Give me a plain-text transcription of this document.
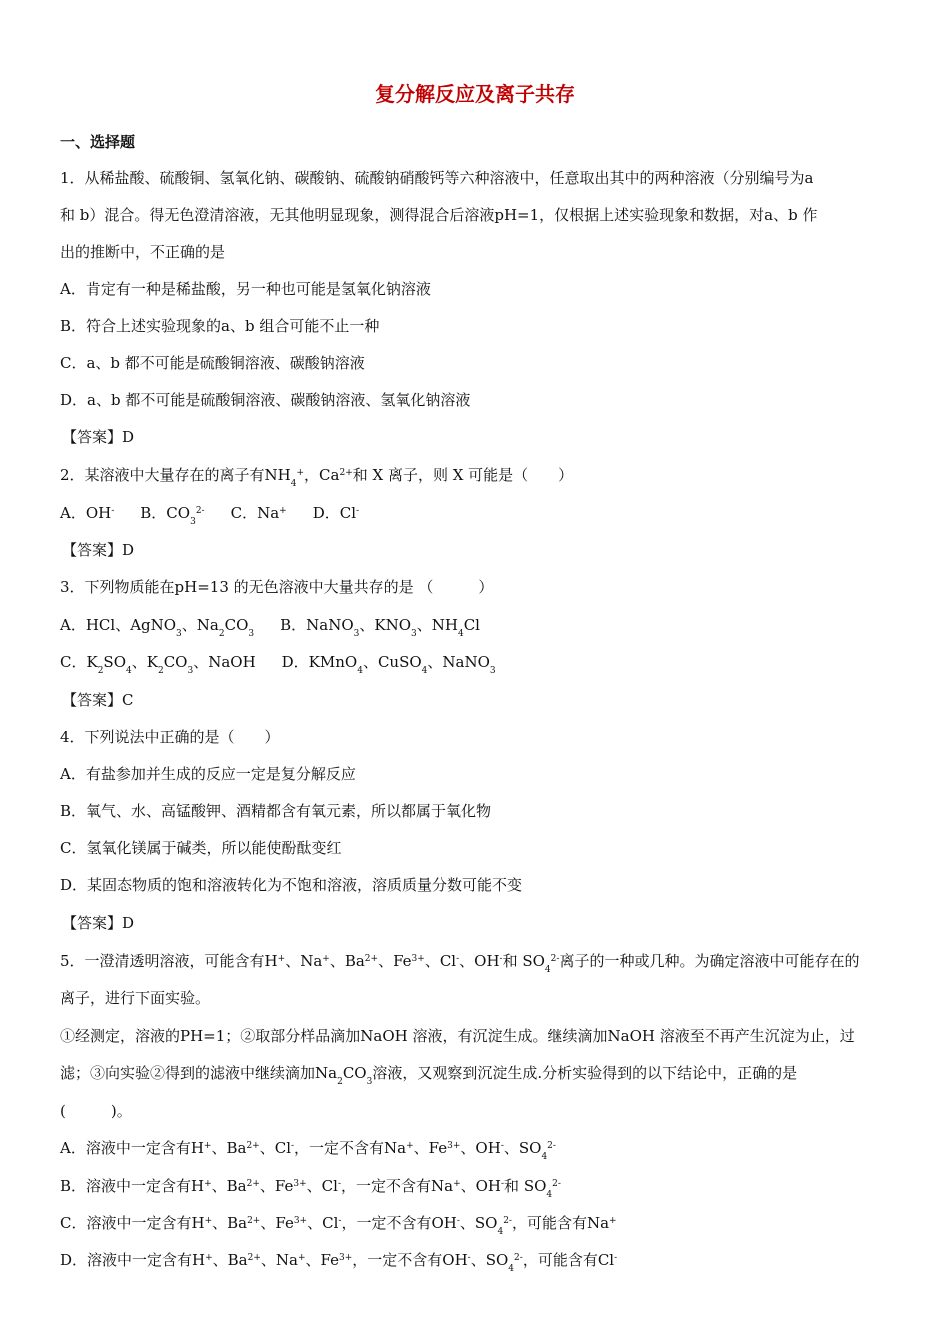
复分解反应及离子共存
一、选择题
1．从稀盐酸、硫酸铜、氢氧化钠、碳酸钠、硫酸钠硝酸钙等六种溶液中，任意取出其中的两种溶液（分别编号为a
和 b）混合。得无色澄清溶液，无其他明显现象，测得混合后溶液pH=1，仅根据上述实验现象和数据，对a、b 作
出的推断中，不正确的是
A．肯定有一种是稀盐酸，另一种也可能是氢氧化钠溶液
B．符合上述实验现象的a、b 组合可能不止一种
C．a、b 都不可能是硫酸铜溶液、碳酸钠溶液
D．a、b 都不可能是硫酸铜溶液、碳酸钠溶液、氢氧化钠溶液
【答案】D
2．某溶液中大量存在的离子有$NH_4^+$，$Ca^{2+}$和 X 离子，则 X 可能是（　　）
A．OH- B．$CO_3^{2-}$ C．Na+ D．Cl-
【答案】D
3．下列物质能在pH=13 的无色溶液中大量共存的是 （　　　）
A．HCl、AgNO$_3$、$Na_2CO_3$ B．NaNO$_3$、$KNO_3$、$NH_4Cl$
C．$K_2SO_4$、$K_2CO_3$、NaOH D．KMnO$_4$、CuSO$_4$、NaNO$_3$
【答案】C
4．下列说法中正确的是（　　）
A．有盐参加并生成的反应一定是复分解反应
B．氧气、水、高锰酸钾、酒精都含有氧元素，所以都属于氧化物
C．氢氧化镁属于碱类，所以能使酚酞变红
D．某固态物质的饱和溶液转化为不饱和溶液，溶质质量分数可能不变
【答案】D
5．一澄清透明溶液，可能含有H+、Na+、$Ba^{2+}$、$Fe^{3+}$、Cl-、OH-和 $SO_4^{2-}$离子的一种或几种。为确定溶液中可能存在的
离子，进行下面实验。
①经测定，溶液的PH=1；②取部分样品滴加NaOH 溶液，有沉淀生成。继续滴加NaOH 溶液至不再产生沉淀为止，过
滤；③向实验②得到的滤液中继续滴加$Na_2CO_3$溶液，又观察到沉淀生成.分析实验得到的以下结论中，正确的是
(　　　)。
A．溶液中一定含有H+、$Ba^{2+}$、Cl-，一定不含有Na+、$Fe^{3+}$、OH-、$SO_4^{2-}$
B．溶液中一定含有H+、$Ba^{2+}$、$Fe^{3+}$、Cl-，一定不含有Na+、OH-和 $SO_4^{2-}$
C．溶液中一定含有H+、$Ba^{2+}$、$Fe^{3+}$、Cl-，一定不含有OH-、$SO_4^{2-}$，可能含有Na+
D．溶液中一定含有H+、$Ba^{2+}$、Na+、$Fe^{3+}$，一定不含有OH-、$SO_4^{2-}$，可能含有Cl-
